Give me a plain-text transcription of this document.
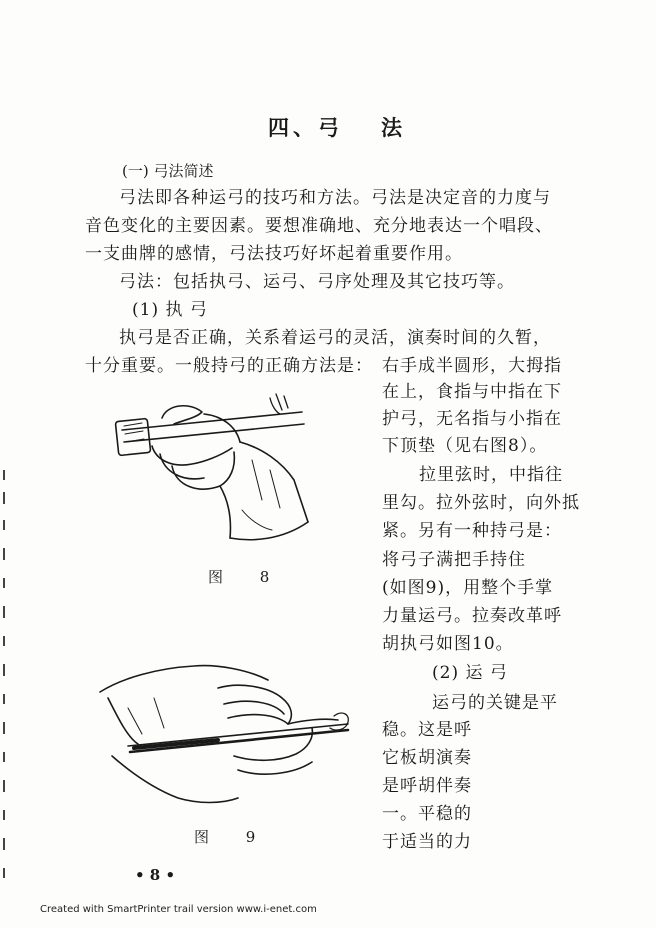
四、弓 法
(一) 弓法简述
弓法即各种运弓的技巧和方法。弓法是决定音的力度与
音色变化的主要因素。要想准确地、充分地表达一个唱段、
一支曲牌的感情，弓法技巧好坏起着重要作用。
弓法：包括执弓、运弓、弓序处理及其它技巧等。
(1) 执 弓
执弓是否正确，关系着运弓的灵活，演奏时间的久暂，
十分重要。一般持弓的正确方法是： 右手成半圆形，大拇指
在上，食指与中指在下
护弓，无名指与小指在
下顶垫（见右图8）。
拉里弦时，中指往
里勾。拉外弦时，向外抵
紧。另有一种持弓是：
将弓子满把手持住
(如图9)，用整个手掌
力量运弓。拉奏改革呼
胡执弓如图10。
(2) 运 弓
运弓的关键是平
稳。这是呼
它板胡演奏
是呼胡伴奏
一。平稳的
于适当的力
图 8
图 9
• 8 •
Created with SmartPrinter trail version www.i-enet.com
